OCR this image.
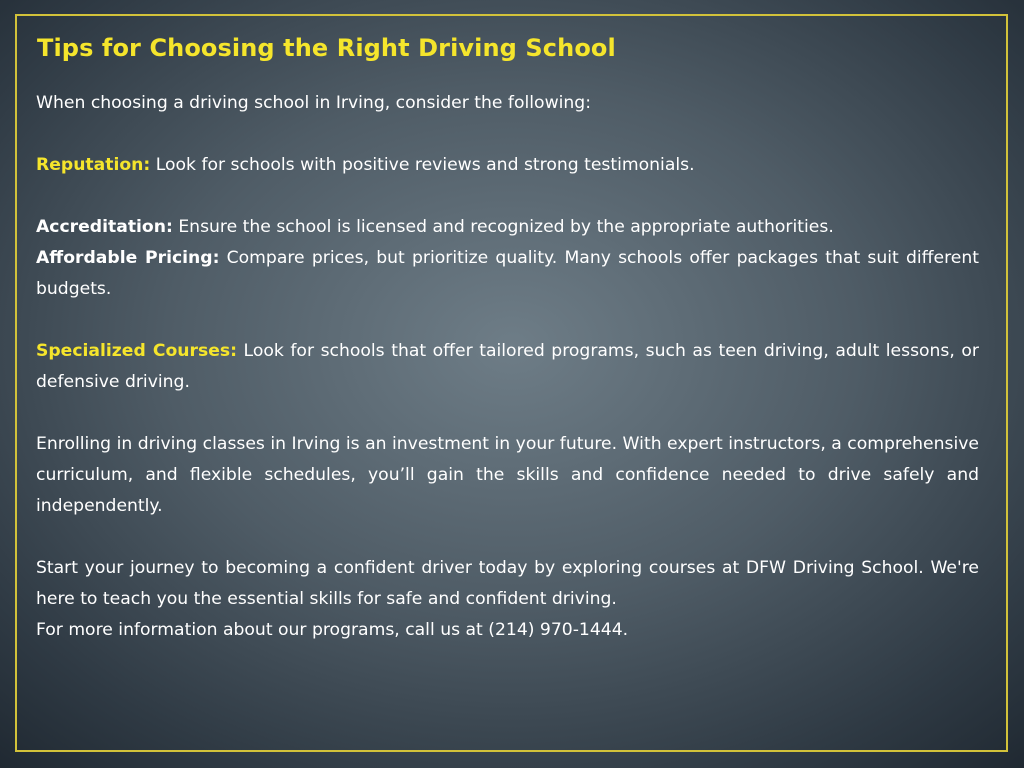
Tips for Choosing the Right Driving School

When choosing a driving school in Irving, consider the following:

Reputation: Look for schools with positive reviews and strong testimonials.

Accreditation: Ensure the school is licensed and recognized by the appropriate authorities.

Affordable Pricing: Compare prices, but prioritize quality. Many schools offer packages that suit different budgets.

Specialized Courses: Look for schools that offer tailored programs, such as teen driving, adult lessons, or defensive driving.

Enrolling in driving classes in Irving is an investment in your future. With expert instructors, a comprehensive curriculum, and flexible schedules, you’ll gain the skills and confidence needed to drive safely and independently.

Start your journey to becoming a confident driver today by exploring courses at DFW Driving School. We're here to teach you the essential skills for safe and confident driving.

For more information about our programs, call us at (214) 970-1444.
